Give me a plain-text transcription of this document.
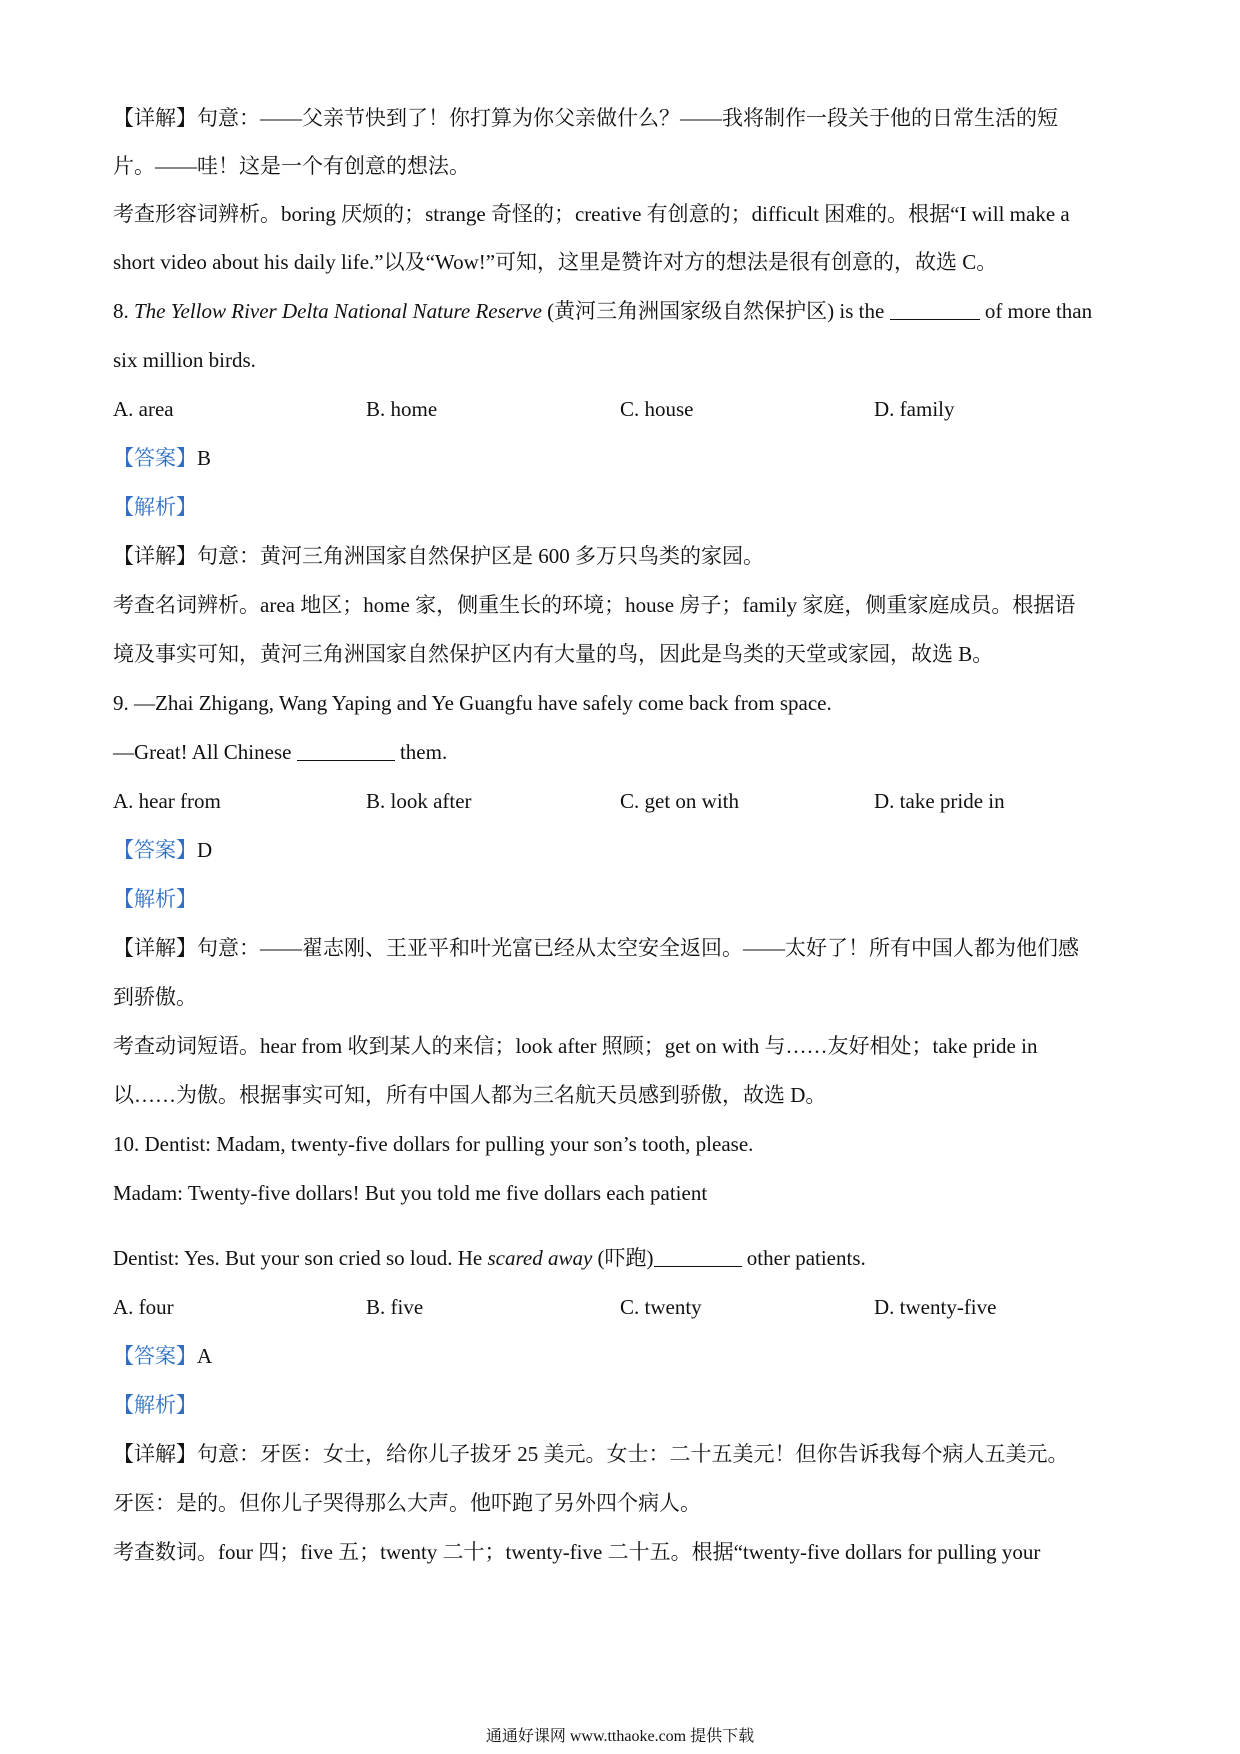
【详解】句意：——父亲节快到了！你打算为你父亲做什么？——我将制作一段关于他的日常生活的短
片。——哇！这是一个有创意的想法。
考查形容词辨析。boring 厌烦的；strange 奇怪的；creative 有创意的；difficult 困难的。根据“I will make a
short video about his daily life.”以及“Wow!”可知，这里是赞许对方的想法是很有创意的，故选 C。
8. The Yellow River Delta National Nature Reserve (黄河三角洲国家级自然保护区) is the	of more than
six million birds.
A. area	B. home	C. house	D. family
【答案】B
【解析】
【详解】句意：黄河三角洲国家自然保护区是 600 多万只鸟类的家园。
考查名词辨析。area 地区；home 家，侧重生长的环境；house 房子；family 家庭，侧重家庭成员。根据语
境及事实可知，黄河三角洲国家自然保护区内有大量的鸟，因此是鸟类的天堂或家园，故选 B。
9. —Zhai Zhigang, Wang Yaping and Ye Guangfu have safely come back from space.
—Great! All Chinese	them.
A. hear from	B. look after	C. get on with	D. take pride in
【答案】D
【解析】
【详解】句意：——翟志刚、王亚平和叶光富已经从太空安全返回。——太好了！所有中国人都为他们感
到骄傲。
考查动词短语。hear from 收到某人的来信；look after 照顾；get on with 与……友好相处；take pride in
以……为傲。根据事实可知，所有中国人都为三名航天员感到骄傲，故选 D。
10. Dentist: Madam, twenty-five dollars for pulling your son’s tooth, please.
Madam: Twenty-five dollars! But you told me five dollars each patient
Dentist: Yes. But your son cried so loud. He scared away (吓跑)	other patients.
A. four	B. five	C. twenty	D. twenty-five
【答案】A
【解析】
【详解】句意：牙医：女士，给你儿子拔牙 25 美元。女士：二十五美元！但你告诉我每个病人五美元。
牙医：是的。但你儿子哭得那么大声。他吓跑了另外四个病人。
考查数词。four 四；five 五；twenty 二十；twenty-five 二十五。根据“twenty-five dollars for pulling your
通通好课网 www.tthaoke.com 提供下载
